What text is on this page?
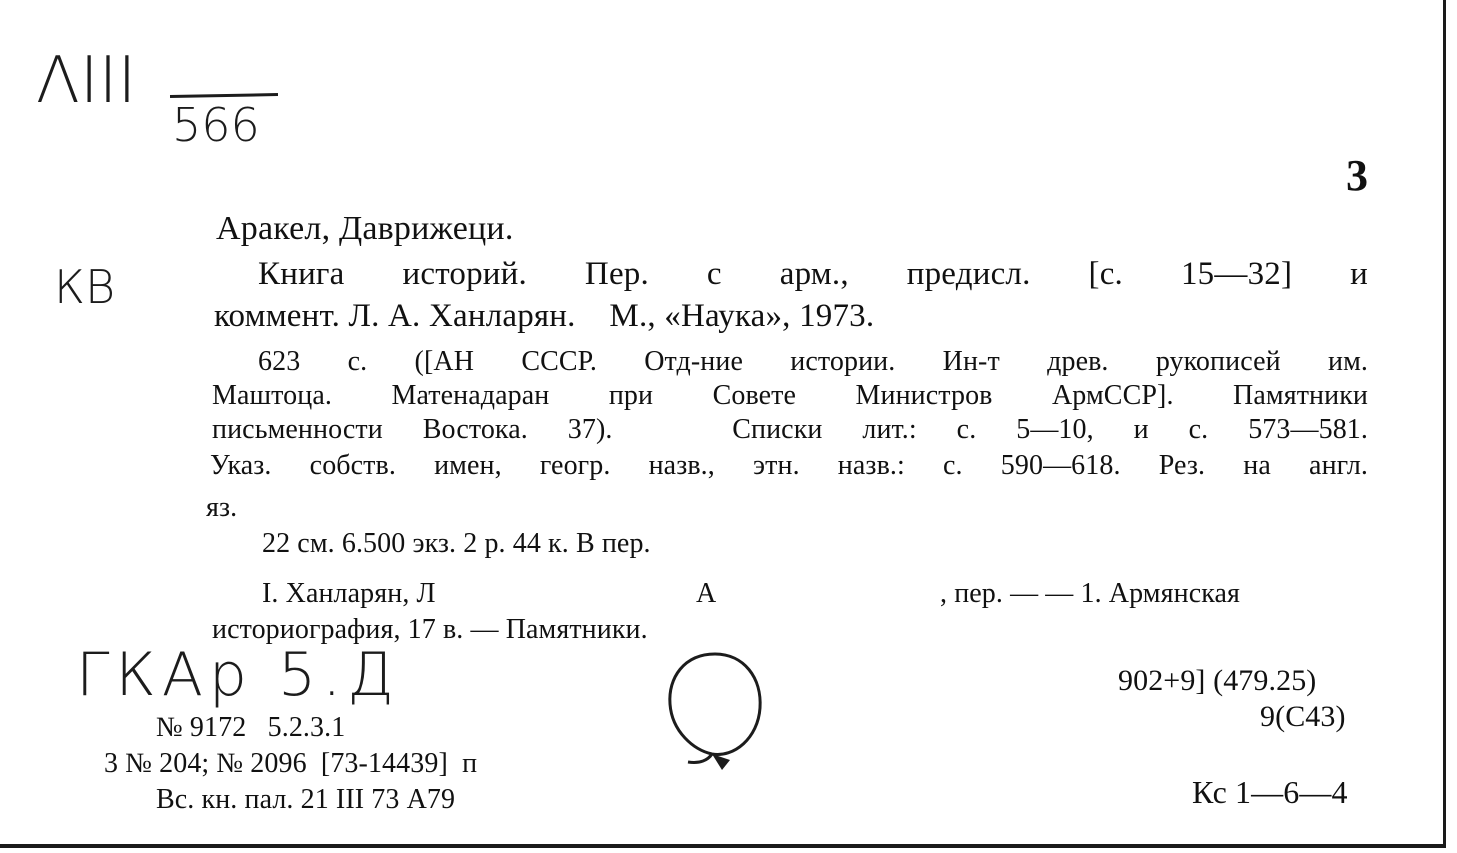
ΛIII
566
3
КВ
Аракел, Даврижеци.
Книга историй. Пер. с арм., предисл. [с. 15—32] и
коммент. Л. А. Ханларян.    М., «Наука», 1973.
623 с. ([АН СССР. Отд-ние истории. Ин-т древ. рукописей им.
Маштоца. Матенадаран при Совете Министров АрмССР]. Памятники
письменности Востока. 37).   Списки лит.: с. 5—10, и с. 573—581.
Указ. собств. имен, геогр. назв., этн. назв.: с. 590—618. Рез. на англ.
яз.
22 см. 6.500 экз. 2 р. 44 к. В пер.
I. Ханларян, Л	А	, пер. — — 1. Армянская
историография, 17 в. — Памятники.
ГКАр 5.Д	902+9] (479.25)
9(С43)
№ 9172   5.2.3.1
3 № 204; № 2096  [73-14439]  п
Вс. кн. пал. 21 III 73 А79	Кс 1—6—4
